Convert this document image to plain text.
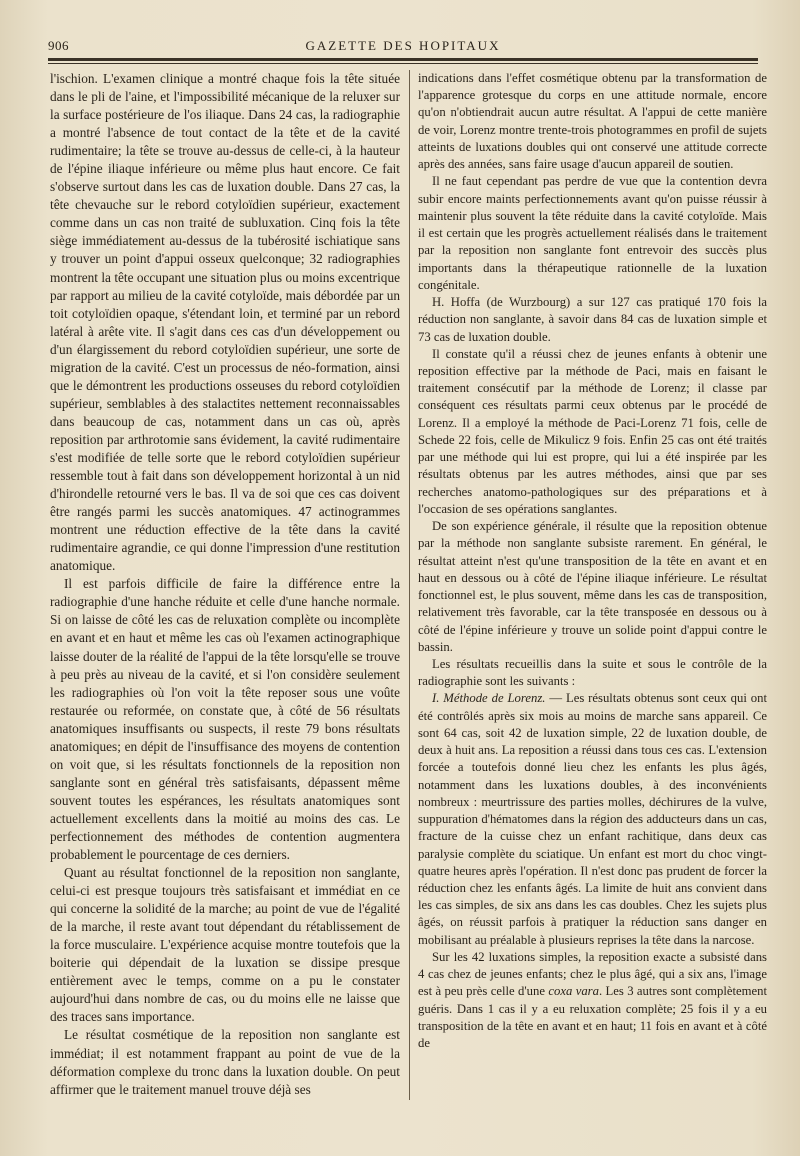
906	GAZETTE DES HOPITAUX

l'ischion. L'examen clinique a montré chaque fois la tête située dans le pli de l'aine, et l'impossibilité mécanique de la reluxer sur la surface postérieure de l'os iliaque. Dans 24 cas, la radiographie a montré l'absence de tout contact de la tête et de la cavité rudimentaire; la tête se trouve au-dessus de celle-ci, à la hauteur de l'épine iliaque inférieure ou même plus haut encore. Ce fait s'observe surtout dans les cas de luxation double. Dans 27 cas, la tête chevauche sur le rebord cotyloïdien supérieur, exactement comme dans un cas non traité de subluxation. Cinq fois la tête siège immédiatement au-dessus de la tubérosité ischiatique sans y trouver un point d'appui osseux quelconque; 32 radiographies montrent la tête occupant une situation plus ou moins excentrique par rapport au milieu de la cavité cotyloïde, mais débordée par un toit cotyloïdien opaque, s'étendant loin, et terminé par un rebord latéral à arête vite. Il s'agit dans ces cas d'un développement ou d'un élargissement du rebord cotyloïdien supérieur, une sorte de migration de la cavité. C'est un processus de néo-formation, ainsi que le démontrent les productions osseuses du rebord cotyloïdien supérieur, semblables à des stalactites nettement reconnaissables dans beaucoup de cas, notamment dans un cas où, après reposition par arthrotomie sans évidement, la cavité rudimentaire s'est modifiée de telle sorte que le rebord cotyloïdien supérieur ressemble tout à fait dans son développement horizontal à un nid d'hirondelle retourné vers le bas. Il va de soi que ces cas doivent être rangés parmi les succès anatomiques. 47 actinogrammes montrent une réduction effective de la tête dans la cavité rudimentaire agrandie, ce qui donne l'impression d'une restitution anatomique.

Il est parfois difficile de faire la différence entre la radiographie d'une hanche réduite et celle d'une hanche normale. Si on laisse de côté les cas de reluxation complète ou incomplète en avant et en haut et même les cas où l'examen actinographique laisse douter de la réalité de l'appui de la tête lorsqu'elle se trouve à peu près au niveau de la cavité, et si l'on considère seulement les radiographies où l'on voit la tête reposer sous une voûte restaurée ou reformée, on constate que, à côté de 56 résultats anatomiques insuffisants ou suspects, il reste 79 bons résultats anatomiques; en dépit de l'insuffisance des moyens de contention on voit que, si les résultats fonctionnels de la reposition non sanglante sont en général très satisfaisants, dépassent même souvent toutes les espérances, les résultats anatomiques sont actuellement excellents dans la moitié au moins des cas. Le perfectionnement des méthodes de contention augmentera probablement le pourcentage de ces derniers.

Quant au résultat fonctionnel de la reposition non sanglante, celui-ci est presque toujours très satisfaisant et immédiat en ce qui concerne la solidité de la marche; au point de vue de l'égalité de la marche, il reste avant tout dépendant du rétablissement de la force musculaire. L'expérience acquise montre toutefois que la boiterie qui dépendait de la luxation se dissipe presque entièrement avec le temps, comme on a pu le constater aujourd'hui dans nombre de cas, ou du moins elle ne laisse que des traces sans importance.

Le résultat cosmétique de la reposition non sanglante est immédiat; il est notamment frappant au point de vue de la déformation complexe du tronc dans la luxation double. On peut affirmer que le traitement manuel trouve déjà ses

indications dans l'effet cosmétique obtenu par la transformation de l'apparence grotesque du corps en une attitude normale, encore qu'on n'obtiendrait aucun autre résultat. A l'appui de cette manière de voir, Lorenz montre trente-trois photogrammes en profil de sujets atteints de luxations doubles qui ont conservé une attitude correcte après des années, sans faire usage d'aucun appareil de soutien.

Il ne faut cependant pas perdre de vue que la contention devra subir encore maints perfectionnements avant qu'on puisse réussir à maintenir plus souvent la tête réduite dans la cavité cotyloïde. Mais il est certain que les progrès actuellement réalisés dans le traitement par la reposition non sanglante font entrevoir des succès plus importants dans la thérapeutique rationnelle de la luxation congénitale.

H. Hoffa (de Wurzbourg) a sur 127 cas pratiqué 170 fois la réduction non sanglante, à savoir dans 84 cas de luxation simple et 73 cas de luxation double.

Il constate qu'il a réussi chez de jeunes enfants à obtenir une reposition effective par la méthode de Paci, mais en faisant le traitement consécutif par la méthode de Lorenz; il classe par conséquent ces résultats parmi ceux obtenus par le procédé de Lorenz. Il a employé la méthode de Paci-Lorenz 71 fois, celle de Schede 22 fois, celle de Mikulicz 9 fois. Enfin 25 cas ont été traités par une méthode qui lui est propre, qui lui a été inspirée par les résultats obtenus par les autres méthodes, ainsi que par ses recherches anatomo-pathologiques sur des préparations et à l'occasion de ses opérations sanglantes.

De son expérience générale, il résulte que la reposition obtenue par la méthode non sanglante subsiste rarement. En général, le résultat atteint n'est qu'une transposition de la tête en avant et en haut en dessous ou à côté de l'épine iliaque inférieure. Le résultat fonctionnel est, le plus souvent, même dans les cas de transposition, relativement très favorable, car la tête transposée en dessous ou à côté de l'épine inférieure y trouve un solide point d'appui contre le bassin.

Les résultats recueillis dans la suite et sous le contrôle de la radiographie sont les suivants :

I. Méthode de Lorenz. — Les résultats obtenus sont ceux qui ont été contrôlés après six mois au moins de marche sans appareil. Ce sont 64 cas, soit 42 de luxation simple, 22 de luxation double, de deux à huit ans. La reposition a réussi dans tous ces cas. L'extension forcée a toutefois donné lieu chez les enfants les plus âgés, notamment dans les luxations doubles, à des inconvénients nombreux : meurtrissure des parties molles, déchirures de la vulve, suppuration d'hématomes dans la région des adducteurs dans un cas, fracture de la cuisse chez un enfant rachitique, dans deux cas paralysie complète du sciatique. Un enfant est mort du choc vingt-quatre heures après l'opération. Il n'est donc pas prudent de forcer la réduction chez les enfants âgés. La limite de huit ans convient dans les cas simples, de six ans dans les cas doubles. Chez les sujets plus âgés, on réussit parfois à pratiquer la réduction sans danger en mobilisant au préalable à plusieurs reprises la tête dans la narcose.

Sur les 42 luxations simples, la reposition exacte a subsisté dans 4 cas chez de jeunes enfants; chez le plus âgé, qui a six ans, l'image est à peu près celle d'une coxa vara. Les 3 autres sont complètement guéris. Dans 1 cas il y a eu reluxation complète; 25 fois il y a eu transposition de la tête en avant et en haut; 11 fois en avant et à côté de
